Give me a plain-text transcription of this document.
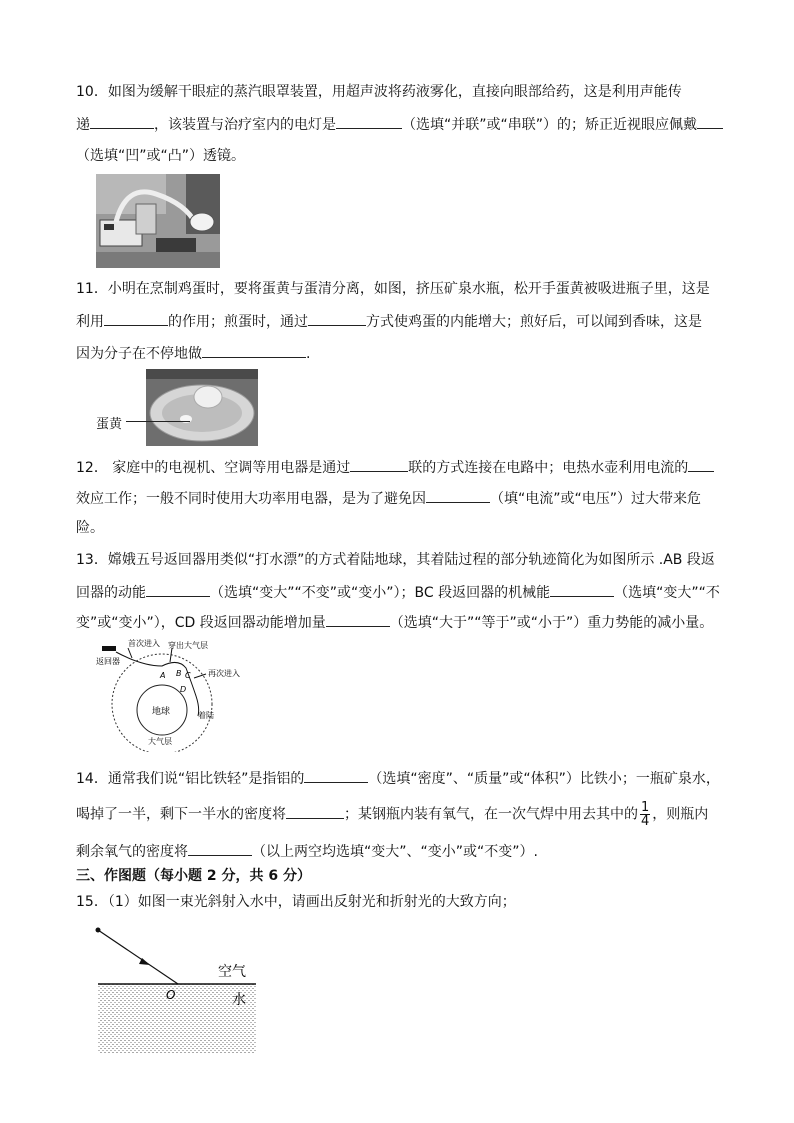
10．如图为缓解干眼症的蒸汽眼罩装置，用超声波将药液雾化，直接向眼部给药，这是利用声能传
递	，该装置与治疗室内的电灯是	（选填“并联”或“串联”）的；矫正近视眼应佩戴
（选填“凹”或“凸”）透镜。
11．小明在烹制鸡蛋时，要将蛋黄与蛋清分离，如图，挤压矿泉水瓶，松开手蛋黄被吸进瓶子里，这是
利用	的作用；煎蛋时，通过	方式使鸡蛋的内能增大；煎好后，可以闻到香味，这是
因为分子在不停地做	.
蛋黄
12． 家庭中的电视机、空调等用电器是通过	联的方式连接在电路中；电热水壶利用电流的
效应工作；一般不同时使用大功率用电器，是为了避免因	（填“电流”或“电压”）过大带来危
险。
13．嫦娥五号返回器用类似“打水漂”的方式着陆地球，其着陆过程的部分轨迹简化为如图所示 .AB 段返
回器的动能	（选填“变大”“不变”或“变小”）；BC 段返回器的机械能	（选填“变大”“不
变”或“变小”），CD 段返回器动能增加量	（选填“大于”“等于”或“小于”）重力势能的减小量。
返回器
首次进入 穿出大气层
再次进入
A B C
D
地球	着陆
大气层
14．通常我们说“铝比铁轻”是指铝的	（选填“密度”、“质量”或“体积”）比铁小；一瓶矿泉水，
喝掉了一半，剩下一半水的密度将	；某钢瓶内装有氧气，在一次气焊中用去其中的 $\frac{1}{4}$ ，则瓶内
剩余氧气的密度将	（以上两空均选填“变大”、“变小”或“不变”）.
三、作图题（每小题 2 分，共 6 分）
15．（1）如图一束光斜射入水中，请画出反射光和折射光的大致方向；
O
空气
水
